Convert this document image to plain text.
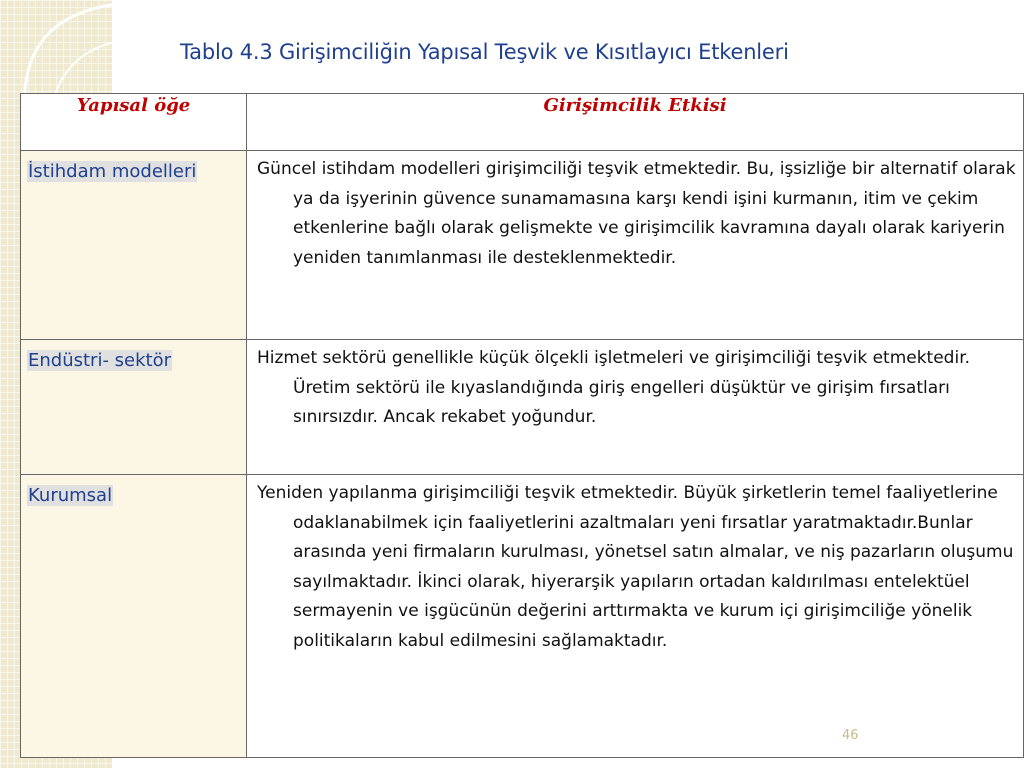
Tablo 4.3 Girişimciliğin Yapısal Teşvik ve Kısıtlayıcı Etkenleri
Yapısal öğe	Girişimcilik Etkisi

İstihdam modelleri	Güncel istihdam modelleri girişimciliği teşvik etmektedir. Bu, işsizliğe bir alternatif olarak ya da işyerinin güvence sunamamasına karşı kendi işini kurmanın, itim ve çekim etkenlerine bağlı olarak gelişmekte ve girişimcilik kavramına dayalı olarak kariyerin yeniden tanımlanması ile desteklenmektedir.

Endüstri- sektör	Hizmet sektörü genellikle küçük ölçekli işletmeleri ve girişimciliği teşvik etmektedir. Üretim sektörü ile kıyaslandığında giriş engelleri düşüktür ve girişim fırsatları sınırsızdır. Ancak rekabet yoğundur.

Kurumsal	Yeniden yapılanma girişimciliği teşvik etmektedir. Büyük şirketlerin temel faaliyetlerine odaklanabilmek için faaliyetlerini azaltmaları yeni fırsatlar yaratmaktadır.Bunlar arasında yeni firmaların kurulması, yönetsel satın almalar, ve niş pazarların oluşumu sayılmaktadır. İkinci olarak, hiyerarşik yapıların ortadan kaldırılması entelektüel sermayenin ve işgücünün değerini arttırmakta ve kurum içi girişimciliğe yönelik politikaların kabul edilmesini sağlamaktadır.
46
